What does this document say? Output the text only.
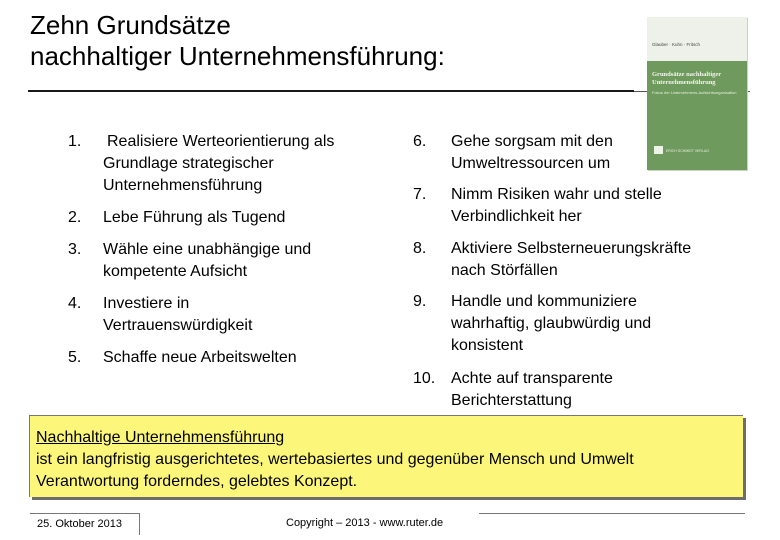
Zehn Grundsätze
nachhaltiger Unternehmensführung:	Glauber · Kuhn · Fritsch
Grundsätze nachhaltiger
Unternehmensführung
Fokus der Unternehmens-Aufsichtsorganisation
ERICH SCHMIDT VERLAG
1. Realisiere Werteorientierung als Grundlage strategischer Unternehmensführung
2. Lebe Führung als Tugend
3. Wähle eine unabhängige und kompetente Aufsicht
4. Investiere in Vertrauenswürdigkeit
5. Schaffe neue Arbeitswelten
6. Gehe sorgsam mit den Umweltressourcen um
7. Nimm Risiken wahr und stelle Verbindlichkeit her
8. Aktiviere Selbsterneuerungskräfte nach Störfällen
9. Handle und kommuniziere wahrhaftig, glaubwürdig und konsistent
10. Achte auf transparente Berichterstattung
Nachhaltige Unternehmensführung
ist ein langfristig ausgerichtetes, wertebasiertes und gegenüber Mensch und Umwelt
Verantwortung forderndes, gelebtes Konzept.
25. Oktober 2013	Copyright – 2013 - www.ruter.de
